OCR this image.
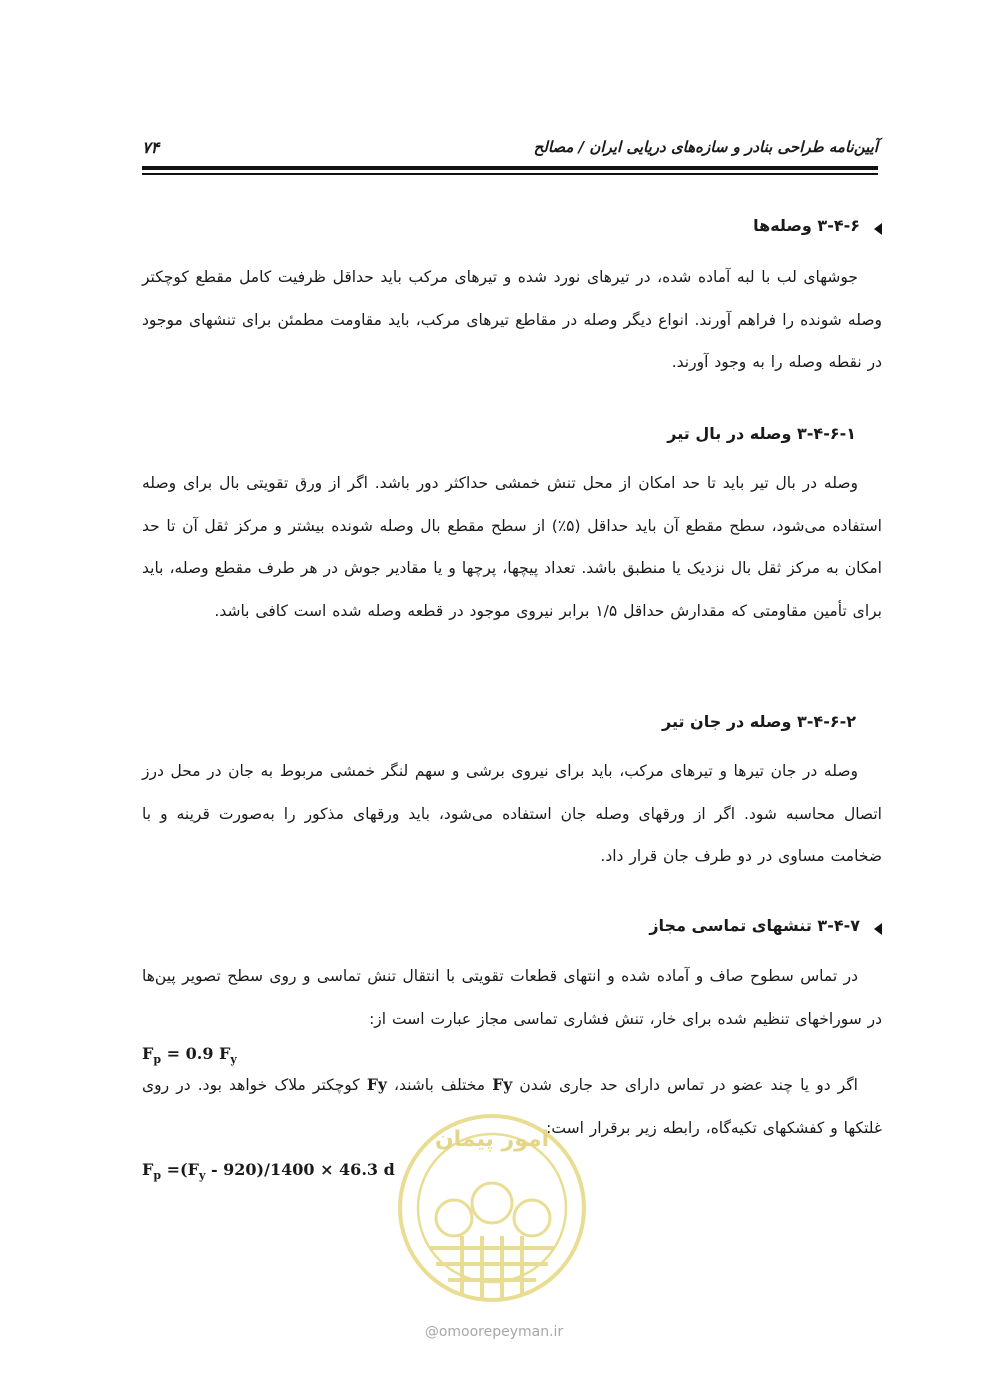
آیین‌نامه طراحی بنادر و سازه‌های دریایی ایران / مصالح
۷۴
۳-۴-۶ وصله‌ها
جوشهای لب با لبه آماده شده، در تیرهای نورد شده و تیرهای مرکب باید حداقل ظرفیت کامل مقطع کوچکتر وصله شونده را فراهم آورند. انواع دیگر وصله در مقاطع تیرهای مرکب، باید مقاومت مطمئن برای تنشهای موجود در نقطه وصله را به وجود آورند.
۳-۴-۶-۱ وصله در بال تیر
وصله در بال تیر باید تا حد امکان از محل تنش خمشی حداکثر دور باشد. اگر از ورق تقویتی بال برای وصله استفاده می‌شود، سطح مقطع آن باید حداقل (۵٪) از سطح مقطع بال وصله شونده بیشتر و مرکز ثقل آن تا حد امکان به مرکز ثقل بال نزدیک یا منطبق باشد. تعداد پیچها، پرچها و یا مقادیر جوش در هر طرف مقطع وصله، باید برای تأمین مقاومتی که مقدارش حداقل ۱/۵ برابر نیروی موجود در قطعه وصله شده است کافی باشد.
۳-۴-۶-۲ وصله در جان تیر
وصله در جان تیرها و تیرهای مرکب، باید برای نیروی برشی و سهم لنگر خمشی مربوط به جان در محل درز اتصال محاسبه شود. اگر از ورقهای وصله جان استفاده می‌شود، باید ورقهای مذکور را به‌صورت قرینه و با ضخامت مساوی در دو طرف جان قرار داد.
۳-۴-۷ تنشهای تماسی مجاز
در تماس سطوح صاف و آماده شده و انتهای قطعات تقویتی با انتقال تنش تماسی و روی سطح تصویر پین‌ها در سوراخهای تنظیم شده برای خار، تنش فشاری تماسی مجاز عبارت است از:
$F_p = 0.9$ $F_y$
اگر دو یا چند عضو در تماس دارای حد جاری شدن Fy مختلف باشند، Fy کوچکتر ملاک خواهد بود. در روی غلتکها و کفشکهای تکیه‌گاه، رابطه زیر برقرار است:
$F_p =(F_y - 920)/1400 \times 46.3$ d
امور پیمان
@omoorepeyman.ir
